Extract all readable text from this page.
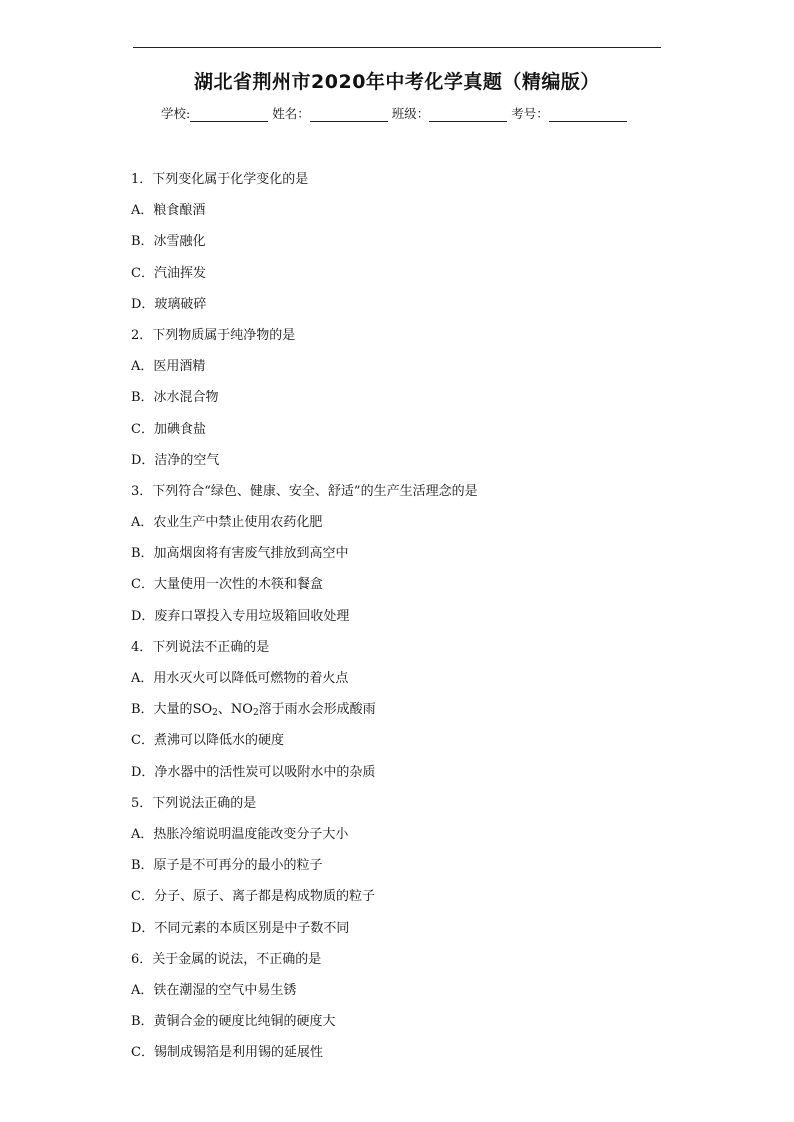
湖北省荆州市2020年中考化学真题（精编版）
学校:	姓名：	班级：	考号：
1．下列变化属于化学变化的是
A．粮食酿酒
B．冰雪融化
C．汽油挥发
D．玻璃破碎
2．下列物质属于纯净物的是
A．医用酒精
B．冰水混合物
C．加碘食盐
D．洁净的空气
3．下列符合“绿色、健康、安全、舒适”的生产生活理念的是
A．农业生产中禁止使用农药化肥
B．加高烟囱将有害废气排放到高空中
C．大量使用一次性的木筷和餐盒
D．废弃口罩投入专用垃圾箱回收处理
4．下列说法不正确的是
A．用水灭火可以降低可燃物的着火点
B．大量的$SO_2$、$NO_2$溶于雨水会形成酸雨
C．煮沸可以降低水的硬度
D．净水器中的活性炭可以吸附水中的杂质
5．下列说法正确的是
A．热胀冷缩说明温度能改变分子大小
B．原子是不可再分的最小的粒子
C．分子、原子、离子都是构成物质的粒子
D．不同元素的本质区别是中子数不同
6．关于金属的说法，不正确的是
A．铁在潮湿的空气中易生锈
B．黄铜合金的硬度比纯铜的硬度大
C．锡制成锡箔是利用锡的延展性
